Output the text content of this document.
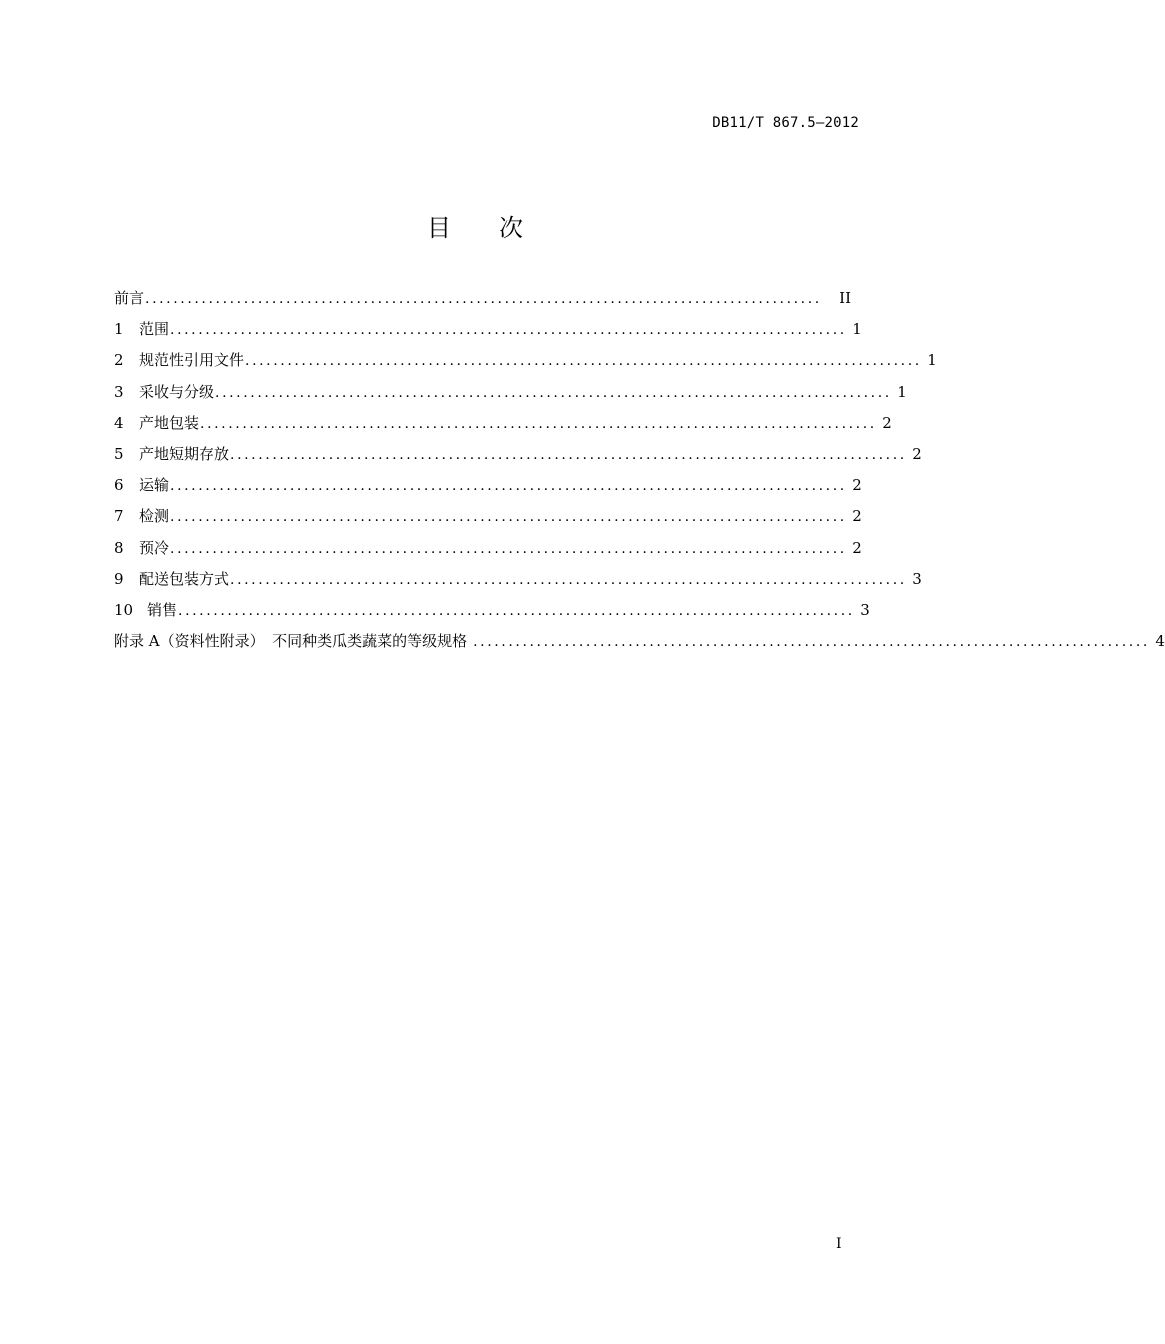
DB11/T 867.5—2012
目 次
前言 ................................................................................................	II
1	范围 ................................................................................................ 1
2	规范性引用文件 ................................................................................................ 1
3	采收与分级 ................................................................................................ 1
4	产地包装 ................................................................................................ 2
5	产地短期存放 ................................................................................................ 2
6	运输 ................................................................................................ 2
7	检测 ................................................................................................ 2
8	预冷 ................................................................................................ 2
9	配送包装方式 ................................................................................................ 3
10 销售 ................................................................................................ 3
附录 A（资料性附录）　不同种类瓜类蔬菜的等级规格 ................................................................................................ 4
I
